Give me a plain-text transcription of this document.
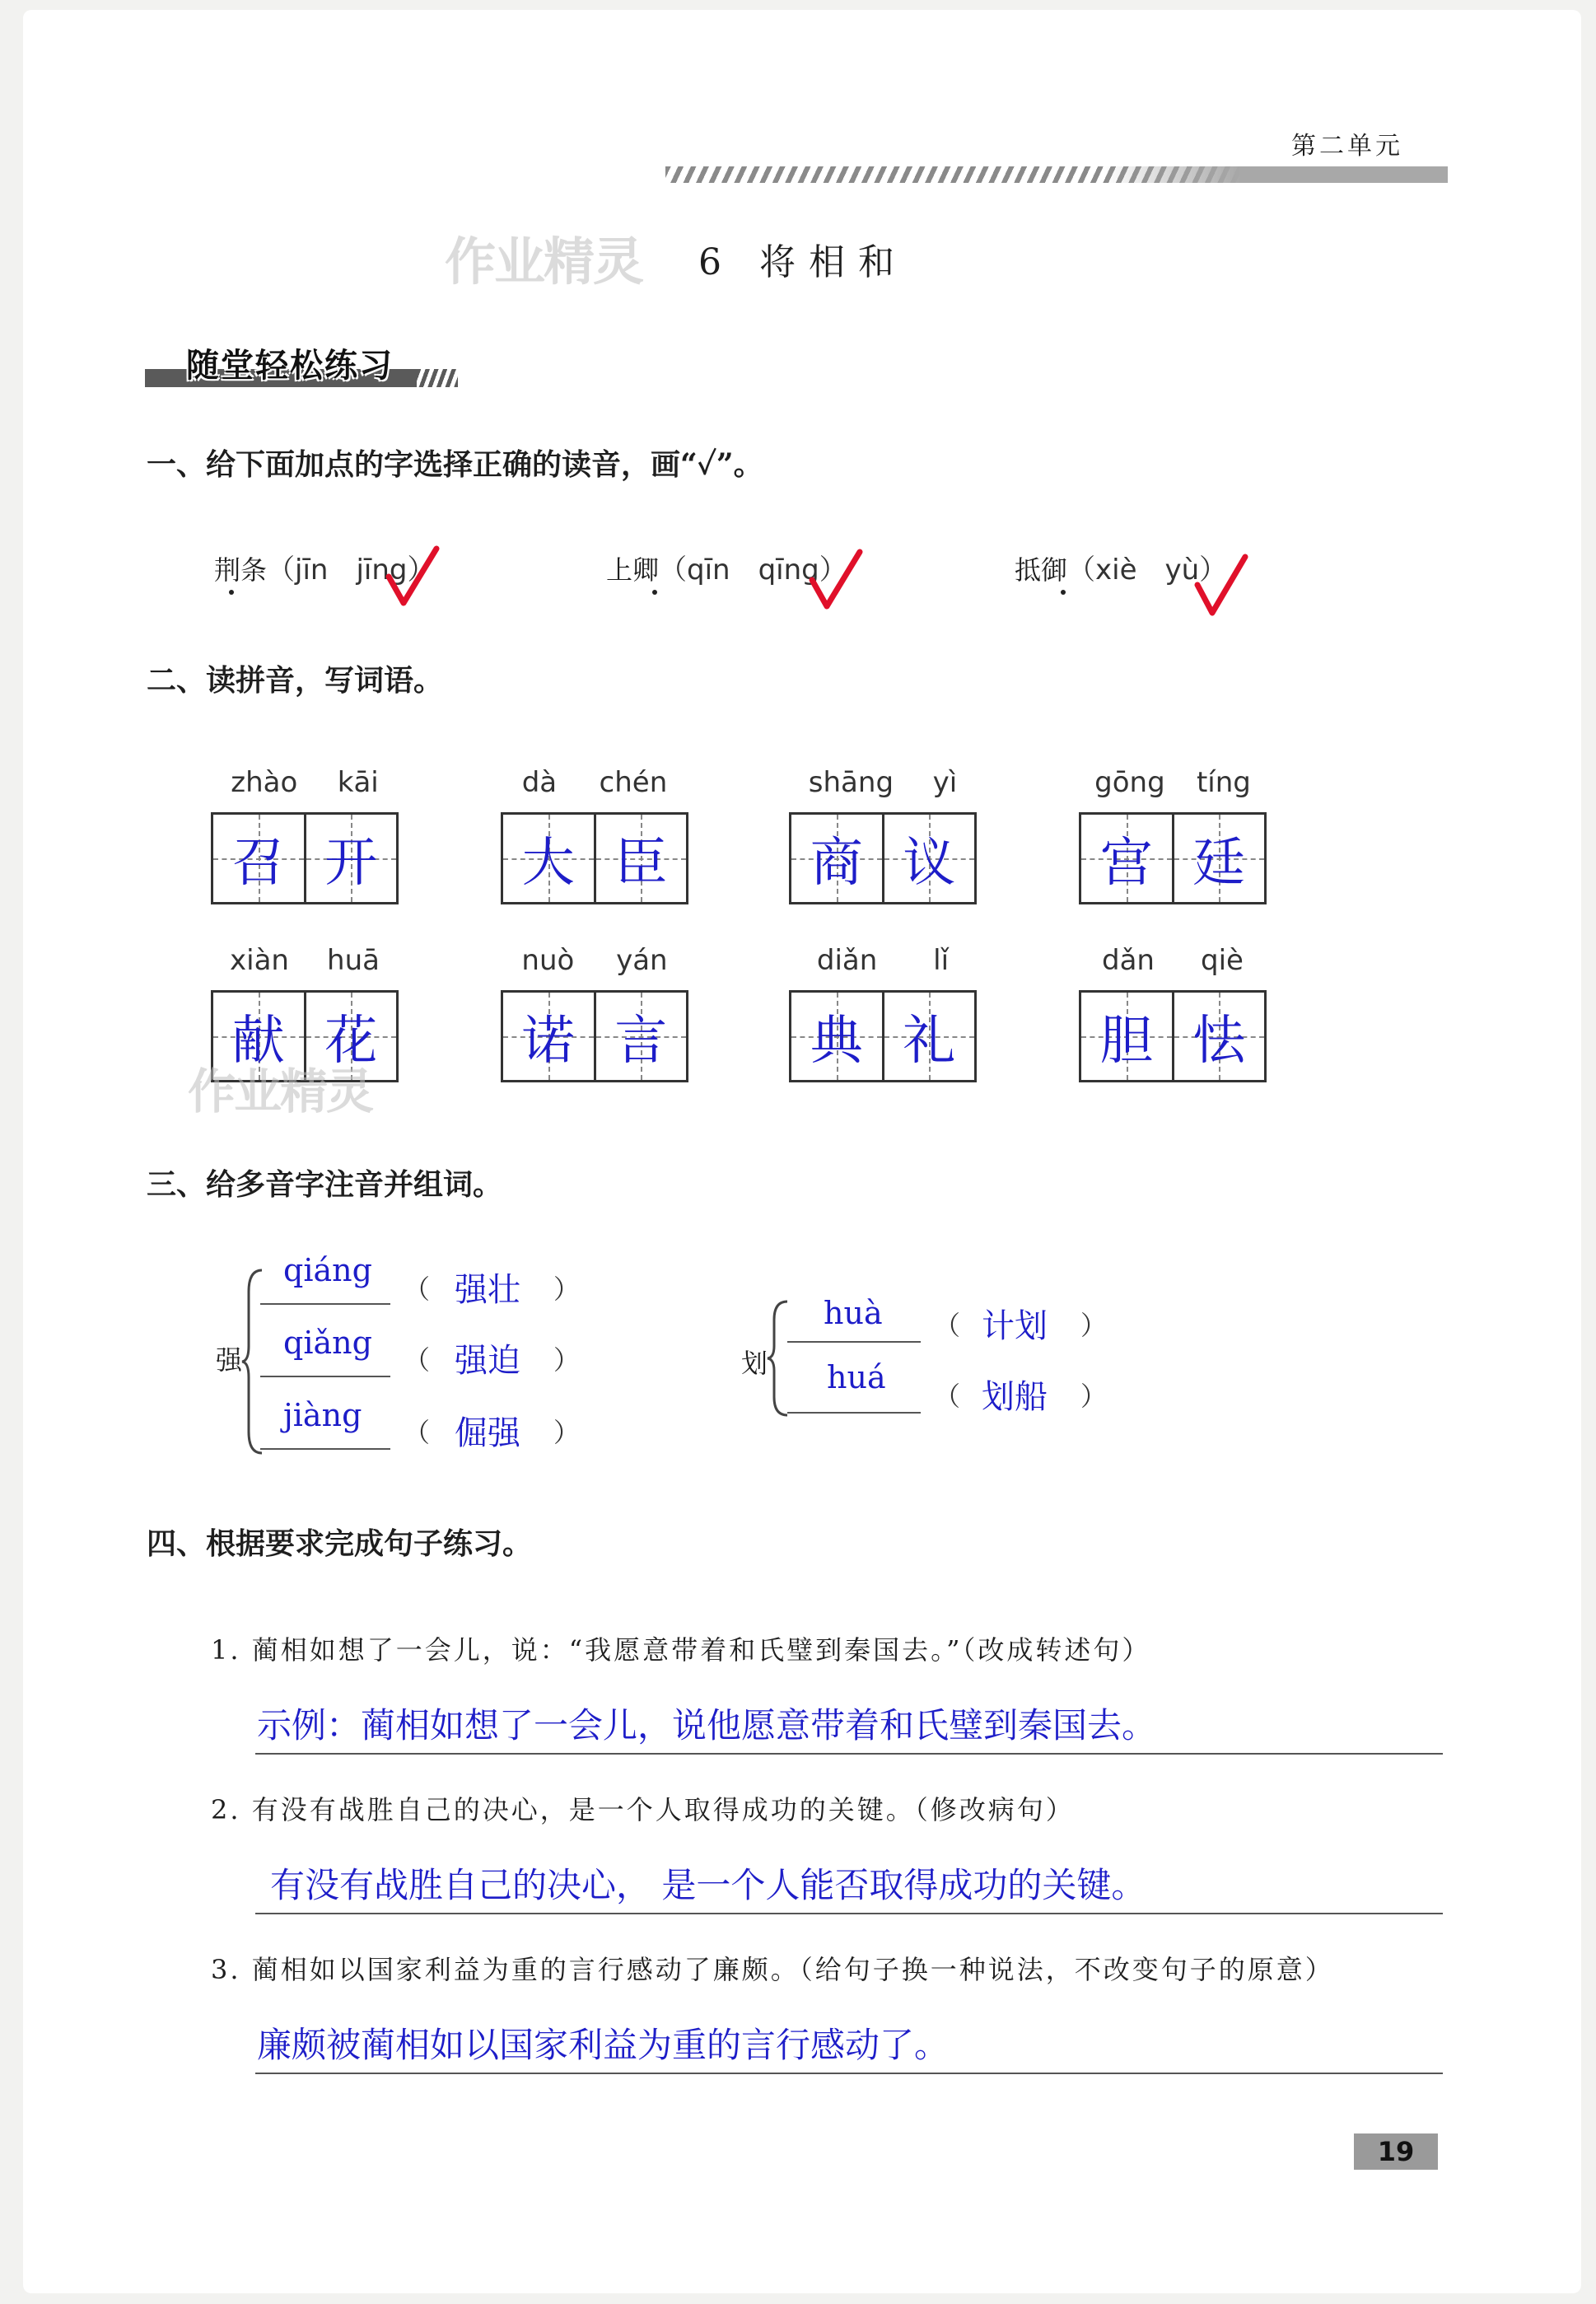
第二单元
作业精灵 6 将相和
随堂轻松练习
一、给下面加点的字选择正确的读音，画“✓”。
荆条（jīn　jīng）	上卿（qīn　qīng）	抵御（xiè　yù）
二、读拼音，写词语。
zhào kāi
召 开
dà chén
大 臣
shāng yì
商 议
gōng tíng
宫 廷
xiàn huā
献 花
nuò yán
诺 言
diǎn lǐ
典 礼
dǎn qiè
胆 怯
作业精灵
三、给多音字注音并组词。
强
qiáng
（ 强壮 ）
qiǎng （ 强迫 ）
jiàng （ 倔强 ）
划
huà （ 计划 ）
huá
（ 划船 ）
四、根据要求完成句子练习。
1. 蔺相如想了一会儿，说：“我愿意带着和氏璧到秦国去。”（改成转述句）
示例：蔺相如想了一会儿，说他愿意带着和氏璧到秦国去。
2. 有没有战胜自己的决心，是一个人取得成功的关键。（修改病句）
有没有战胜自己的决心， 是一个人能否取得成功的关键。
3. 蔺相如以国家利益为重的言行感动了廉颇。（给句子换一种说法，不改变句子的原意）
廉颇被蔺相如以国家利益为重的言行感动了。
19
